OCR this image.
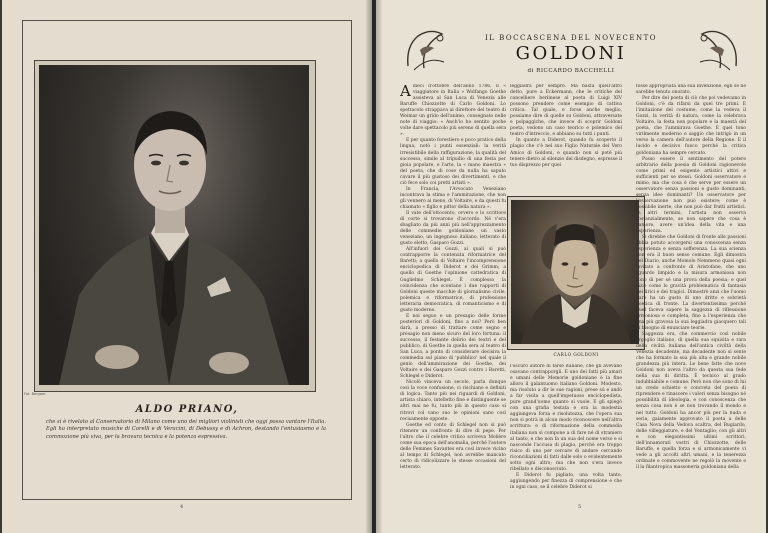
Fot. Bergam.
ALDO PRIANO,
che si è rivelato al Conservatorio di Milano come uno dei migliori violinisti che oggi possa vantare l'Italia. Egli ha interpretato musiche di Corelli e di Veracini, di Debussy e di Achron, destando l'entusiasmo e la commozione più viva, per la bravura tecnica e la potenza espressiva.
4
IL BOCCASCENA DEL NOVECENTO
GOLDONI
di RICCARDO BACCHELLI

Adieci d'ottobre dell'anno 1786, il « viaggiatore in Italia » Wolfango Goethe assisteva al San Luca di Venezia alle Baruffe Chiozzotte di Carlo Goldoni. Lo spettacolo strappava al direttore del teatro di Weimar un grido dell'animo, consegnato nelle note di viaggio: « Anch'io ho sentito poche volte dare spettacolo più sereno di quella sera ».

E per quanto forestiero e poco pratico della lingua, notò i punti essenziali: la verità irresistibile della raffigurazione, la qualità del successo, simile al tripudio di una festa per gioia popolare, e l'arte, la « mano maestra » del poeta, che di cose da nulla ha saputo cavare il più gustoso dei divertimenti, e che ciò fece solo coi pretti artisti ».

In Francia, l'Avvocato Veneziano incontrava la stima e l'ammirazione, che non gli vennero ai meno, di Voltaire, e da questi fu chiamato « figlio e pittor della natura ».

Il vate dell'ottocento, ovvero e lo scrittore di corte si trovarono d'accordo. Né v'era sbagliato da più anni più nell'apprezzamento delle commedie goldoniane un vasto veneziano, un ingegnoso italiano, letterato di gusto eletto, Gasparo Gozzi.

All'infuori dei Gozzi, ai quali si può contrapporre la contenuta riformatrice del Baretti; a quello di Voltaire l'incomprensione enciclopedica di Diderot e dei Grimm; a quello di Goethe l'opinione cattedratica di Guglielmo Schlegel. È complesso la coincidenza che scontano i due rapporti di Goldoni queste macchie di giornalismo civile, polemica e riformatrice, di professione letteraria democratica, di romanticismo e di gusto moderno.

E noi seguo e un presagio delle forme posteriori di Goldoni, fino a noi? Però ben darà, a presso di trattare come segno e presagio non meno sicuro del loro fortuna: il successo, il festante delirio dei teatri e del pubblico, di Goethe in quella sera al teatro di San Luca, a ponto di considerare decisiva la commedia sul piano di 'pubblico' nel quale il genio dell'ammirazione dei Goethe, dei Voltaire e dei Gasparo Gozzi contro i Baretti, Schlegel e Diderot.

Nicolò vinceva un secolo, parla dunque così la voce confusione, ci rischiano e definiti di logica. Tanto più nei riguardi di Goldoni, artista chiaro, intelletto fine e distinguente se altri mai ne fu, tanto più in questo caso si ritrovi col vano suo le opinioni sano così recisamente opposte.

Goethe ed conto di Schlegel non si può ritenere un confronto di dire di pepe. Per l'altro che il celebre critico scriveva Molière come sua epoca dell'anomalia, perché l'autore delle Femmes Savantes era così invece vicino al tempo di Schlegel, non avrebbe mancato certo di ridicolizzare le stesse occasioni del letterato.

leggiadra per sempre. Ma basta quell'altro detto, pure a Eckermann, che le critiche del cancelliere berlinese al poeta di Luigi XIV possono prendere come esempio di cattiva critica. Tal quale, e forse anche meglio, possiamo dire di quelle su Goldoni, attraversate e polpaggiche, che invece di scoprir Goldoni poeta, vedono un caso teorico e polemico del teatro d'intreccio, e abbiano su tutti i punti.

In quanto a Diderot, quando fu scoperto il plagio che c'è nel suo Figlio Naturale del Vero Amico di Goldoni, e quando non si poté più tenere dietro al silenzio del disdegno, espresse il tuo disprezzo per quei

CARLO GOLDONI

l'oscuro autore di farse italiane, che gli avevano osavano contrapporgli. E uno dei fatti più amari e umani delle Memorie goldoniane è la fine alloro il galantuomo italiano Goldoni. Modesto, ma risoluto a dir le sue ragioni, prese sú e andò a far visita a quell'impetuoso enciclopedista, pure grand'uomo quanto si vuole. E gli spiegò con una grafia testata e ora la modestia aggiungeva forza e risolutezza, che l'opera sua non si potrà in alcun modo riconoscere nell'altra scrittura: e di riformazione della commedia italiana non si compone a di fare né di straniero al tanto, e che non fa un sua del nome verso e si nasconde l'accusa di plagio, perché era troppo risico di uno per cercare di andare cercando riconciliazioni di fatti dalle solo o evidentemente sotto ogni altro; ma che non s'era invece ribellato e disconosciuto.

E Diderot fu pigliato, una volta tanto, aggiungendo per finezza di comprensione e che in ogni caso, se il celebre Diderot si

fosse appropriata una sua invenzione, egli se ne sarebbe tenuto onorato.

Per dire del poeta di ciò che poi vedevamo in Goldoni, c'è da rifarsi da quei tre primi. E l'imitazione del costume, come la vedeva il Gozzi, la verità di natura, come la celebrava Voltaire, la festa non popolare e la maestà del poeta, che l'ammirava Goethe. E quel tono virilmente moderno e saggio che intrigò in un verso la camera dell'autore della Regione. E il lucido e decisivo fuoco perché la critica goldoniana ha sempre cercato.

Posso essere il sentimento del potere arbitrario della poesia di Goldoni ragionevole come primi ed esigente artistici attivi e sufficienti per se stessi. Goldoni osservatore e mimo, ma che cosa è che serve per essere un osservatore senza passioni e gusto dominanti, senza idee dominanti? Un osservatore per l'osservazione non può esistere; come è possibile inerte, che non può dar frutti artistici. In altri termini, l'artista non osserva sostanzialmente, se non sapere che cosa è l'amore, avere un'idea della vita e una esperienza.

Si direbbe che Goldoni di fronte alle passioni abbia potuto accorgersi una conoscenza senza esperienza e senza sofferenza. La sua scienza non era il buon senso comune. Egli dimostra nel Diario, anche Momolo Nemmeno quasi ogni invitato a confronto di Aristofane, che uno sguardo limpido e la misura armoniosa non sono di per sé una prova della poesia; e quel vizio come lo gravità problematica di fantasia dei lirici e dei tragici. Dimostrò anzi che l'uomo dare ha un gusto di uno dritto e sobrietà poetica di fronte. La divertentissima perché quel faceva sapere la saggezza di riflessione armoniosa e completa, fino a l'esperienza che una più gravosa la sua leggiadra giacquero tali di bisogno di enunciare teorie.

Saggezza era, che commercio così nobile orgoglio italiano, di quella sua squisita e rara della civiltà italiana dell'antica civiltà della Venezia decadente, ma decadente non si sente che ha formato la sua più alta e grande nobile grandezza più intera. Le bene fatte che nove Goldoni non aveva l'altro da questa sua fede nella sua di diritta. È tecnico al grado indubbiabile e comune. Però non che sono di lui un credo schietto e concreta del poeta di riprendere e rinascere i valori senza bisogno né possibilità di ideologia, e con conoscenza che senza cosa non è se non trovando il mondo e nel tutto. Goldoni ha ancor più per la nuda e seria, gaiamente approvato il poeta a delle Casa Nova della Vedova scaltra, del Bugiardo, delle villeggiature, e del Ventaglio; con gli altri e con elegantissimi ultimi scrittori, dell'innamorati vostri di Chiozzotte, delle Baruffe, e quella forza e sì armonicamente vi vede a gli accolti altri umani, e la tenerezza ordinate e commovente ne regolò la movente e il la filantropica massoneria goldoniana della

5
